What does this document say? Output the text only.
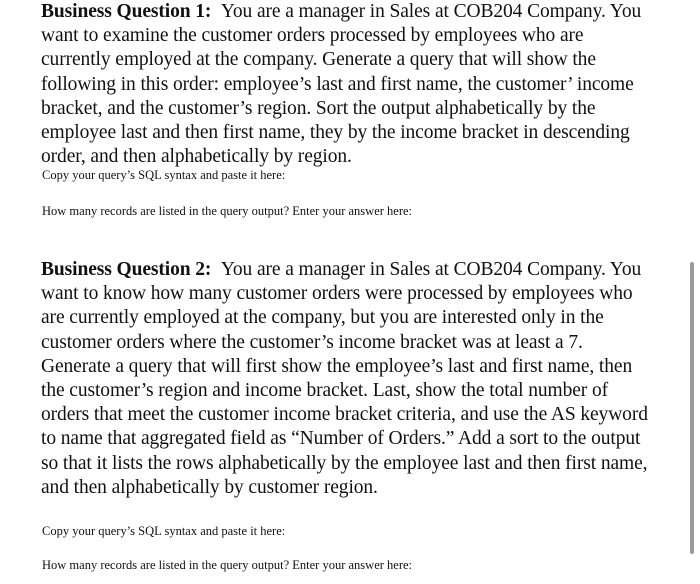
Business Question 1:  You are a manager in Sales at COB204 Company. You want to examine the customer orders processed by employees who are currently employed at the company. Generate a query that will show the following in this order: employee’s last and first name, the customer’ income bracket, and the customer’s region. Sort the output alphabetically by the employee last and then first name, they by the income bracket in descending order, and then alphabetically by region.
Copy your query’s SQL syntax and paste it here:
How many records are listed in the query output? Enter your answer here:
Business Question 2:  You are a manager in Sales at COB204 Company. You want to know how many customer orders were processed by employees who are currently employed at the company, but you are interested only in the customer orders where the customer’s income bracket was at least a 7. Generate a query that will first show the employee’s last and first name, then the customer’s region and income bracket. Last, show the total number of orders that meet the customer income bracket criteria, and use the AS keyword to name that aggregated field as “Number of Orders.” Add a sort to the output so that it lists the rows alphabetically by the employee last and then first name, and then alphabetically by customer region.
Copy your query’s SQL syntax and paste it here:
How many records are listed in the query output? Enter your answer here:
